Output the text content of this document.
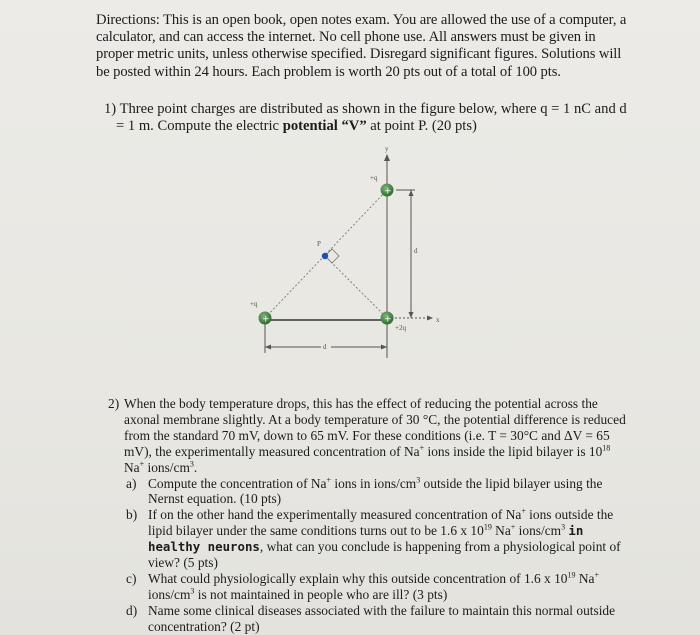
Directions: This is an open book, open notes exam. You are allowed the use of a computer, a calculator, and can access the internet. No cell phone use. All answers must be given in proper metric units, unless otherwise specified. Disregard significant figures. Solutions will be posted within 24 hours. Each problem is worth 20 pts out of a total of 100 pts.
1) Three point charges are distributed as shown in the figure below, where q = 1 nC and d
= 1 m. Compute the electric potential “V” at point P. (20 pts)
y
x
d
d
P
+
+q
+
+q
+
+2q
2) When the body temperature drops, this has the effect of reducing the potential across the axonal membrane slightly. At a body temperature of 30 °C, the potential difference is reduced from the standard 70 mV, down to 65 mV. For these conditions (i.e. T = 30°C and ΔV = 65 mV), the experimentally measured concentration of Na+ ions inside the lipid bilayer is $10^{18}$ Na+ ions/$cm^3$.
a) Compute the concentration of Na+ ions in ions/$cm^3$ outside the lipid bilayer using the Nernst equation. (10 pts)
b) If on the other hand the experimentally measured concentration of Na+ ions outside the lipid bilayer under the same conditions turns out to be 1.6 x $10^{19}$ Na+ ions/$cm^3$ in healthy neurons, what can you conclude is happening from a physiological point of view? (5 pts)
c) What could physiologically explain why this outside concentration of 1.6 x $10^{19}$ Na+ ions/$cm^3$ is not maintained in people who are ill? (3 pts)
d) Name some clinical diseases associated with the failure to maintain this normal outside concentration? (2 pt)
